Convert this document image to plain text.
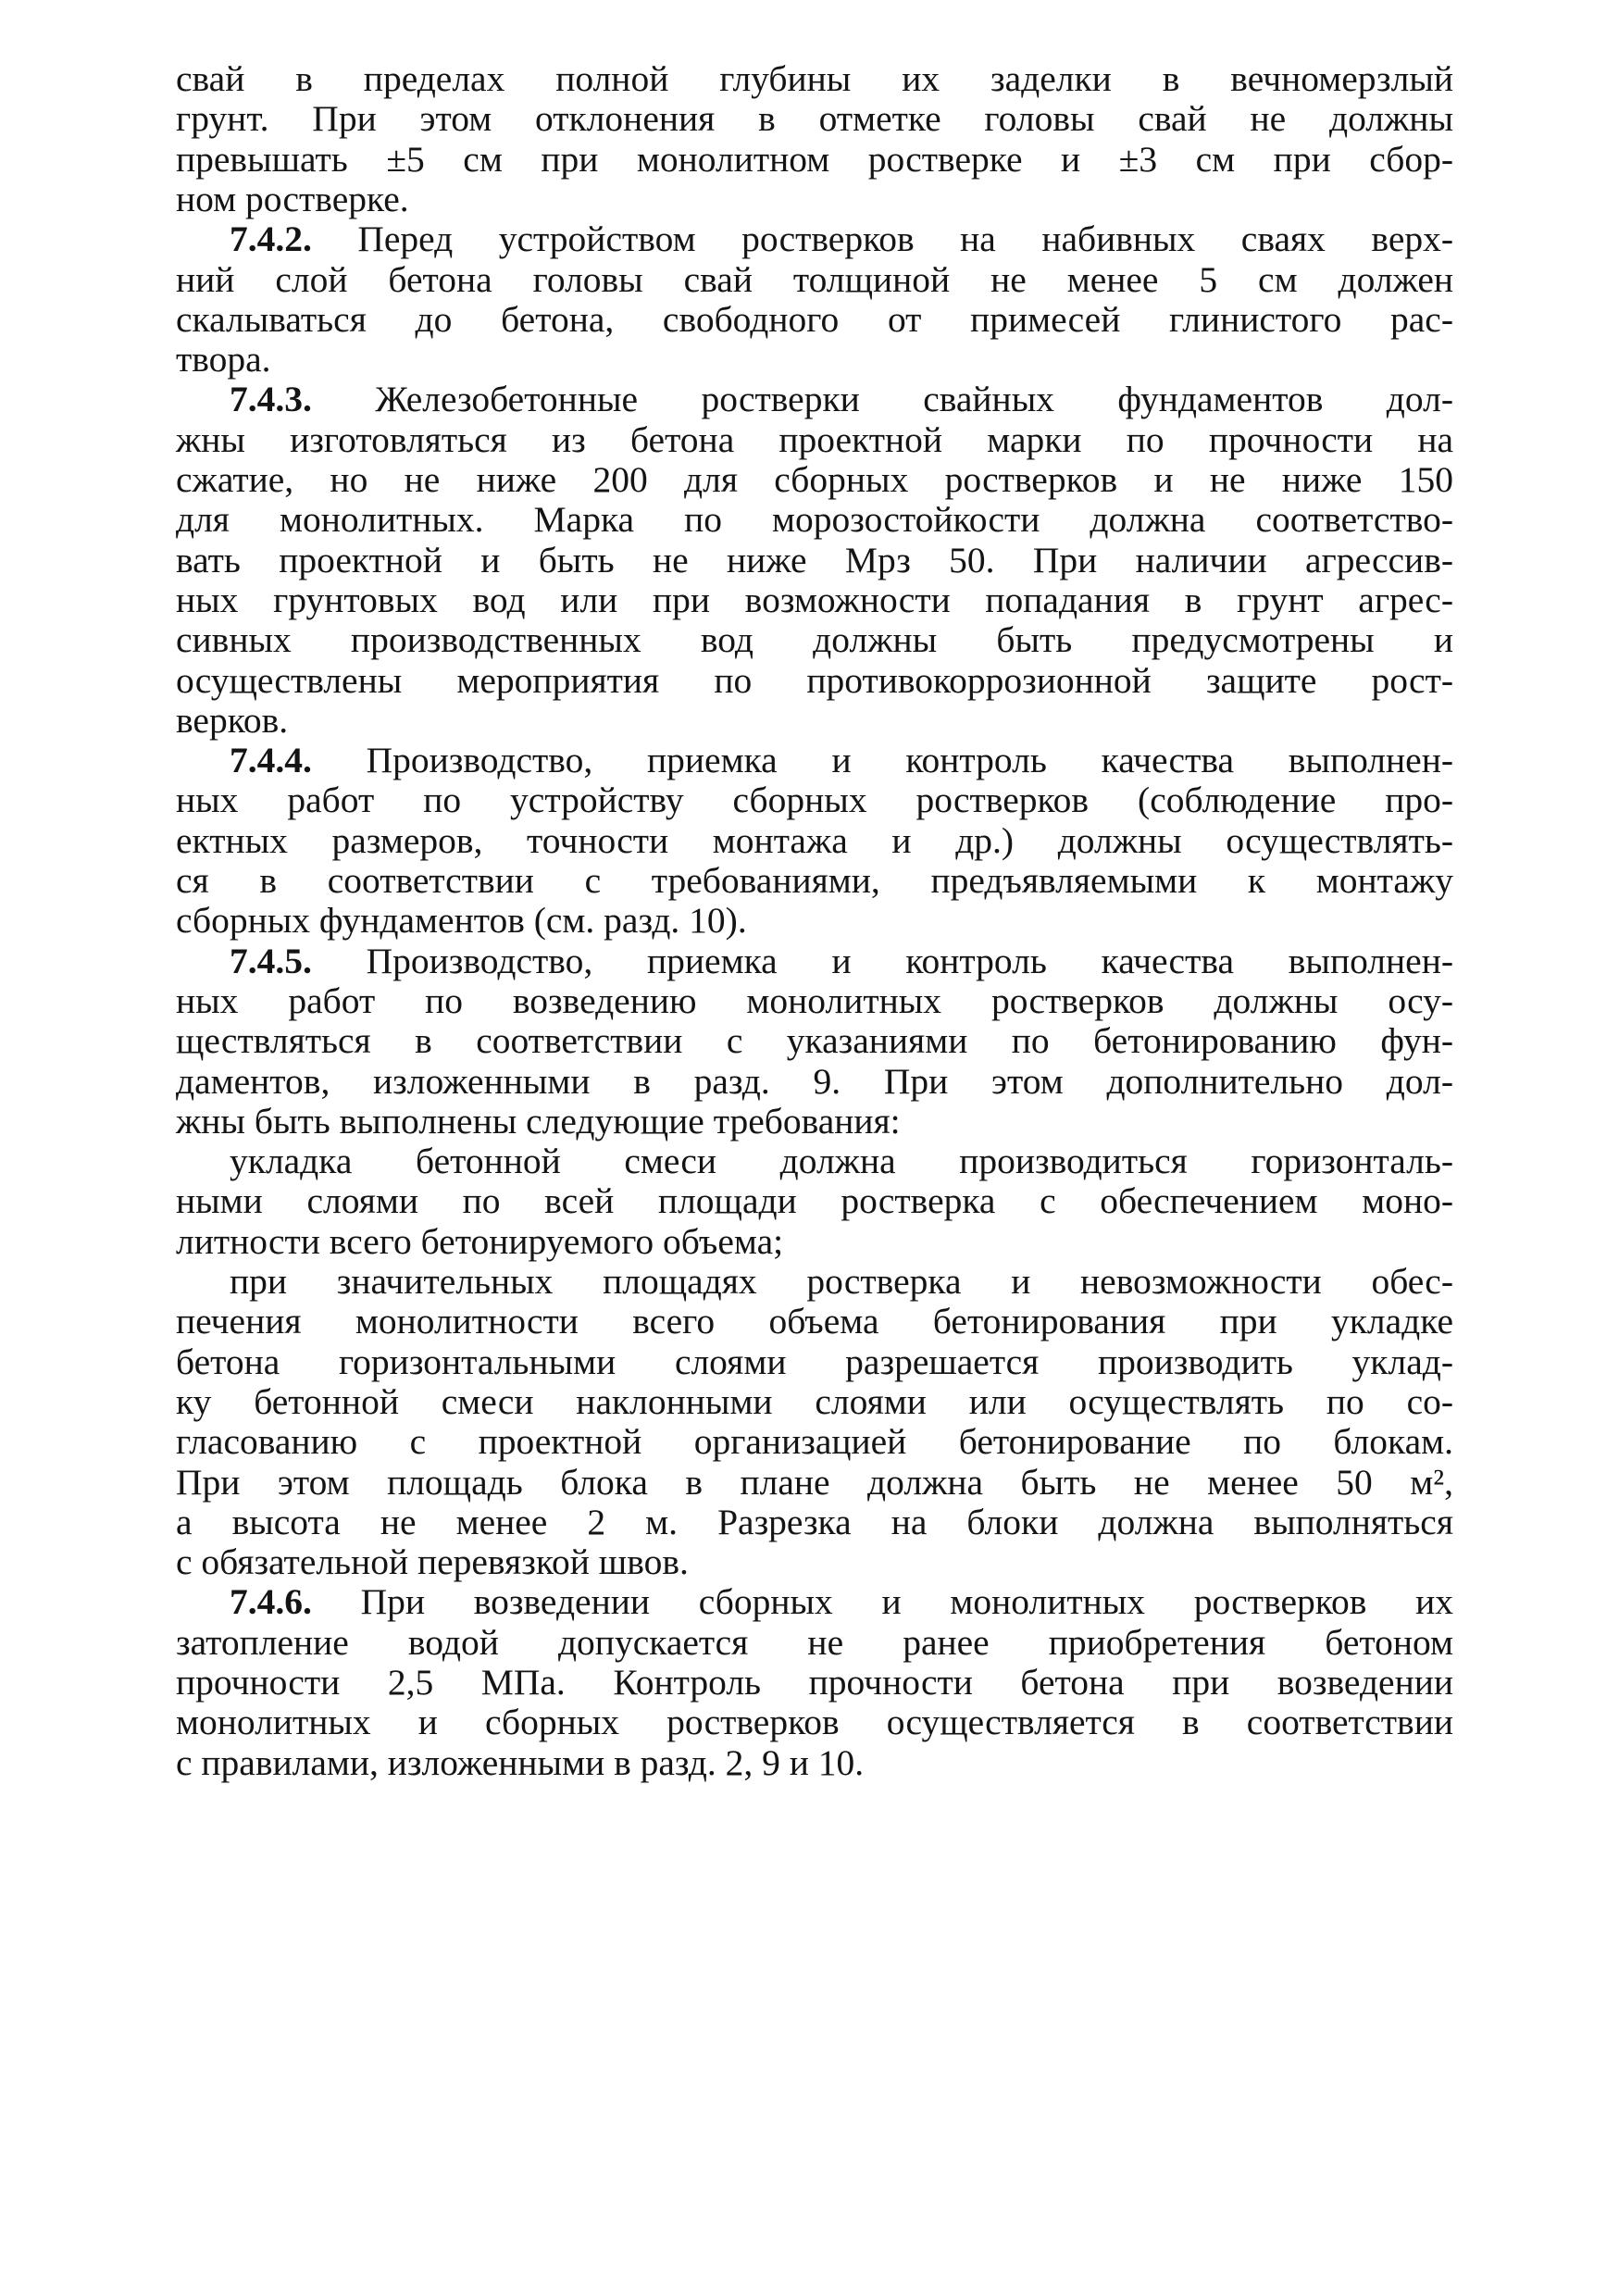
свай в пределах полной глубины их заделки в вечномерзлый
грунт. При этом отклонения в отметке головы свай не должны
превышать ±5 см при монолитном ростверке и ±3 см при сбор-
ном ростверке.
7.4.2. Перед устройством ростверков на набивных сваях верх-
ний слой бетона головы свай толщиной не менее 5 см должен
скалываться до бетона, свободного от примесей глинистого рас-
твора.
7.4.3. Железобетонные ростверки свайных фундаментов дол-
жны изготовляться из бетона проектной марки по прочности на
сжатие, но не ниже 200 для сборных ростверков и не ниже 150
для монолитных. Марка по морозостойкости должна соответство-
вать проектной и быть не ниже Мрз 50. При наличии агрессив-
ных грунтовых вод или при возможности попадания в грунт агрес-
сивных производственных вод должны быть предусмотрены и
осуществлены мероприятия по противокоррозионной защите рост-
верков.
7.4.4. Производство, приемка и контроль качества выполнен-
ных работ по устройству сборных ростверков (соблюдение про-
ектных размеров, точности монтажа и др.) должны осуществлять-
ся в соответствии с требованиями, предъявляемыми к монтажу
сборных фундаментов (см. разд. 10).
7.4.5. Производство, приемка и контроль качества выполнен-
ных работ по возведению монолитных ростверков должны осу-
ществляться в соответствии с указаниями по бетонированию фун-
даментов, изложенными в разд. 9. При этом дополнительно дол-
жны быть выполнены следующие требования:
укладка бетонной смеси должна производиться горизонталь-
ными слоями по всей площади ростверка с обеспечением моно-
литности всего бетонируемого объема;
при значительных площадях ростверка и невозможности обес-
печения монолитности всего объема бетонирования при укладке
бетона горизонтальными слоями разрешается производить уклад-
ку бетонной смеси наклонными слоями или осуществлять по со-
гласованию с проектной организацией бетонирование по блокам.
При этом площадь блока в плане должна быть не менее 50 м²,
а высота не менее 2 м. Разрезка на блоки должна выполняться
с обязательной перевязкой швов.
7.4.6. При возведении сборных и монолитных ростверков их
затопление водой допускается не ранее приобретения бетоном
прочности 2,5 МПа. Контроль прочности бетона при возведении
монолитных и сборных ростверков осуществляется в соответствии
с правилами, изложенными в разд. 2, 9 и 10.
